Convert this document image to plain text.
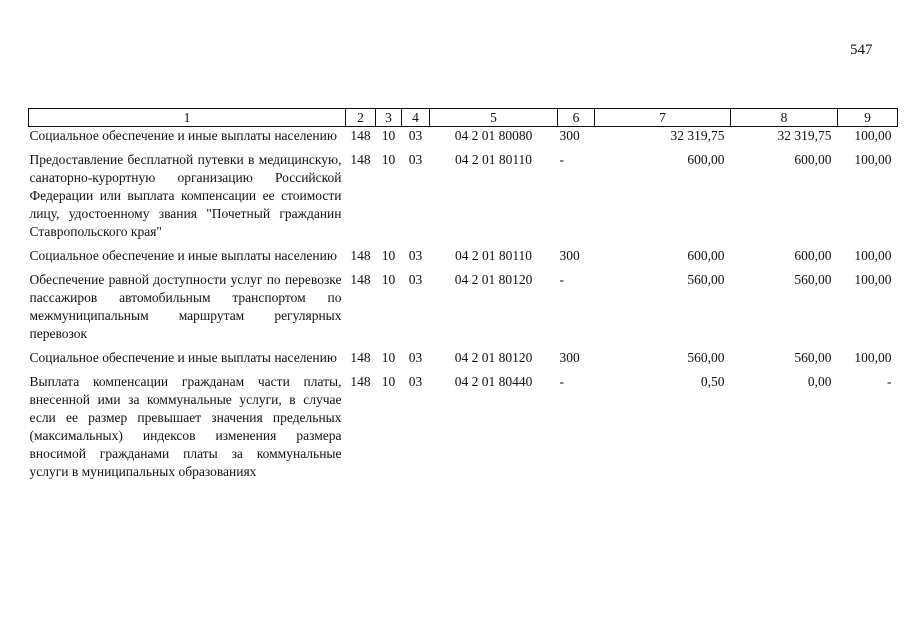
547
1	2	3	4	5	6	7	8	9
Социальное обеспечение и иные выплаты населению	148	10	03	04 2 01 80080	300	32 319,75	32 319,75	100,00
Предоставление бесплатной путевки в медицинскую, санаторно-курортную организацию Российской Федерации или выплата компенсации ее стоимости лицу, удостоенному звания "Почетный гражданин Ставропольского края"	148	10	03	04 2 01 80110	-	600,00	600,00	100,00
Социальное обеспечение и иные выплаты населению	148	10	03	04 2 01 80110	300	600,00	600,00	100,00
Обеспечение равной доступности услуг по перевозке пассажиров автомобильным транспортом по межмуниципальным маршрутам регулярных перевозок	148	10	03	04 2 01 80120	-	560,00	560,00	100,00
Социальное обеспечение и иные выплаты населению	148	10	03	04 2 01 80120	300	560,00	560,00	100,00
Выплата компенсации гражданам части платы, внесенной ими за коммунальные услуги, в случае если ее размер превышает значения предельных (максимальных) индексов изменения размера вносимой гражданами платы за коммунальные услуги в муниципальных образованиях	148	10	03	04 2 01 80440	-	0,50	0,00	-
